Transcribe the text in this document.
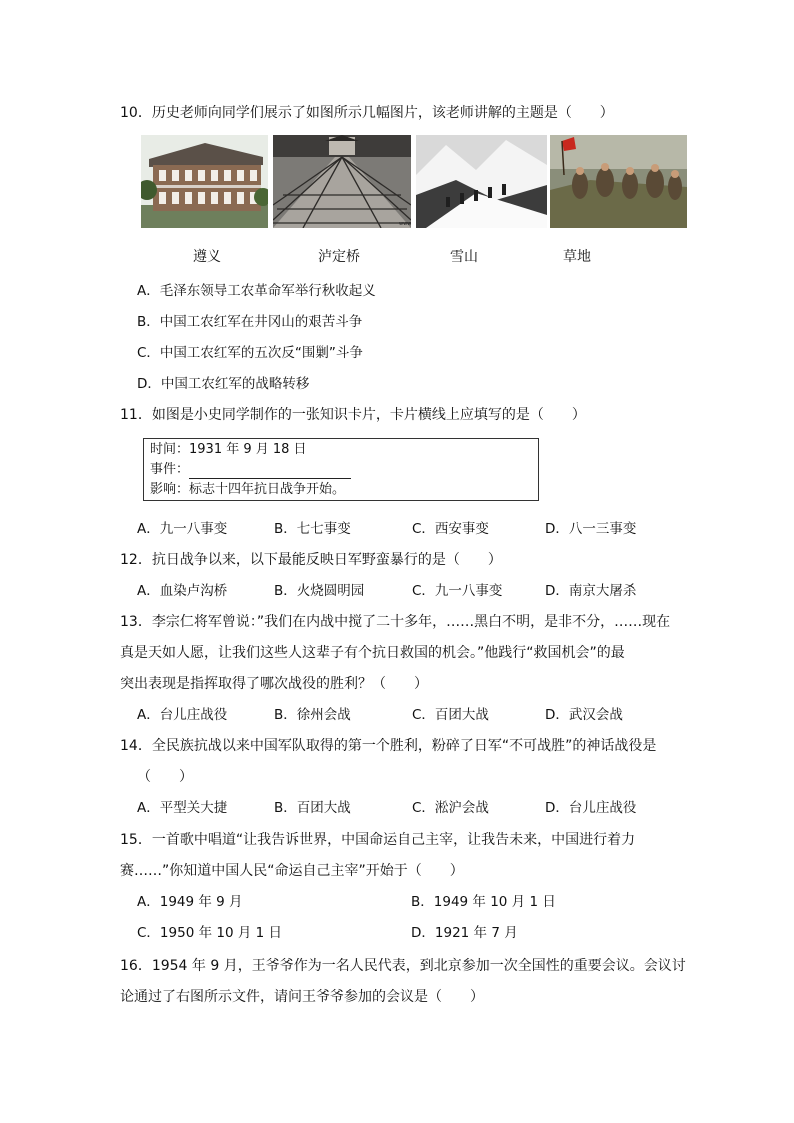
10．历史老师向同学们展示了如图所示几幅图片，该老师讲解的主题是（　　）
www
遵义	泸定桥	雪山	草地
A．毛泽东领导工农革命军举行秋收起义
B．中国工农红军在井冈山的艰苦斗争
C．中国工农红军的五次反“围剿”斗争
D．中国工农红军的战略转移
11．如图是小史同学制作的一张知识卡片，卡片横线上应填写的是（　　）
时间：1931 年 9 月 18 日
事件：
影响：标志十四年抗日战争开始。
A．九一八事变	B．七七事变	C．西安事变	D．八一三事变
12．抗日战争以来，以下最能反映日军野蛮暴行的是（　　）
A．血染卢沟桥	B．火烧圆明园	C．九一八事变	D．南京大屠杀
13．李宗仁将军曾说：”我们在内战中搅了二十多年，……黑白不明，是非不分，……现在
真是天如人愿，让我们这些人这辈子有个抗日救国的机会。”他践行“救国机会”的最
突出表现是指挥取得了哪次战役的胜利？（　　）
A．台儿庄战役	B．徐州会战	C．百团大战	D．武汉会战
14．全民族抗战以来中国军队取得的第一个胜利，粉碎了日军“不可战胜”的神话战役是
（　　）
A．平型关大捷	B．百团大战	C．淞沪会战	D．台儿庄战役
15．一首歌中唱道“让我告诉世界，中国命运自己主宰，让我告未来，中国进行着力
赛……”你知道中国人民“命运自己主宰”开始于（　　）
A．1949 年 9 月	B．1949 年 10 月 1 日
C．1950 年 10 月 1 日	D．1921 年 7 月
16．1954 年 9 月，王爷爷作为一名人民代表，到北京参加一次全国性的重要会议。会议讨
论通过了右图所示文件，请问王爷爷参加的会议是（　　）
